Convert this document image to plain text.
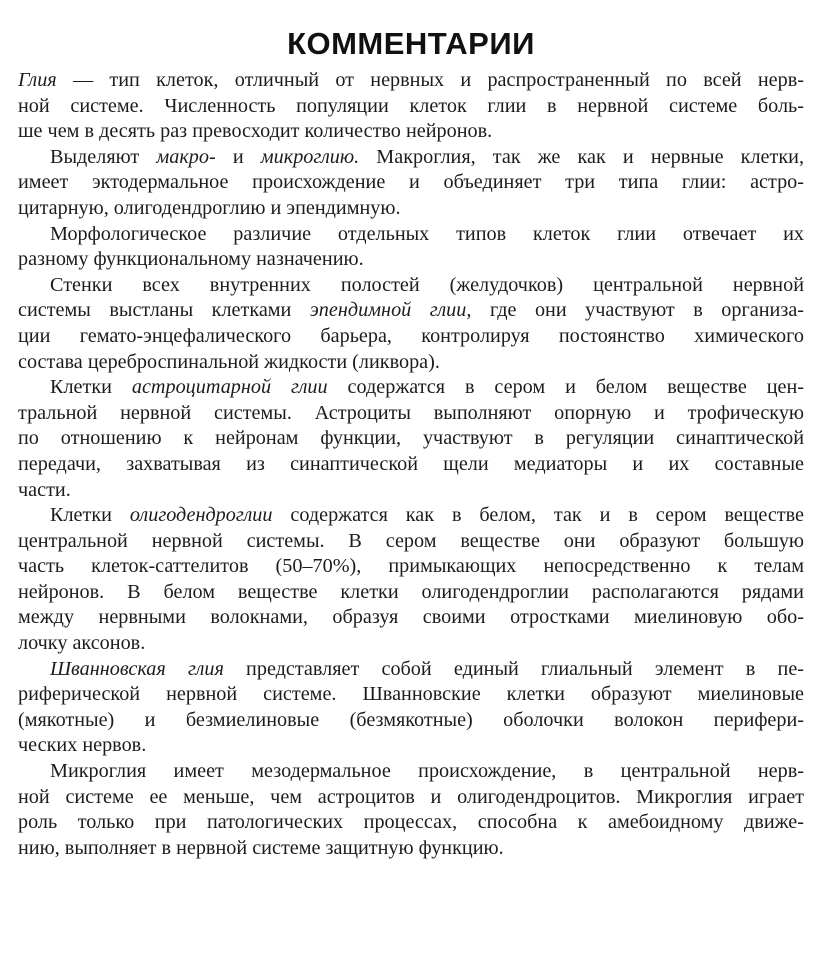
КОММЕНТАРИИ
Глия — тип клеток, отличный от нервных и распространенный по всей нерв-
ной системе. Численность популяции клеток глии в нервной системе боль-
ше чем в десять раз превосходит количество нейронов.
Выделяют макро- и микроглию. Макроглия, так же как и нервные клетки,
имеет эктодермальное происхождение и объединяет три типа глии: астро-
цитарную, олигодендроглию и эпендимную.
Морфологическое различие отдельных типов клеток глии отвечает их
разному функциональному назначению.
Стенки всех внутренних полостей (желудочков) центральной нервной
системы выстланы клетками эпендимной глии, где они участвуют в организа-
ции гемато-энцефалического барьера, контролируя постоянство химического
состава цереброспинальной жидкости (ликвора).
Клетки астроцитарной глии содержатся в сером и белом веществе цен-
тральной нервной системы. Астроциты выполняют опорную и трофическую
по отношению к нейронам функции, участвуют в регуляции синаптической
передачи, захватывая из синаптической щели медиаторы и их составные
части.
Клетки олигодендроглии содержатся как в белом, так и в сером веществе
центральной нервной системы. В сером веществе они образуют большую
часть клеток-саттелитов (50–70%), примыкающих непосредственно к телам
нейронов. В белом веществе клетки олигодендроглии располагаются рядами
между нервными волокнами, образуя своими отростками миелиновую обо-
лочку аксонов.
Шванновская глия представляет собой единый глиальный элемент в пе-
риферической нервной системе. Шванновские клетки образуют миелиновые
(мякотные) и безмиелиновые (безмякотные) оболочки волокон перифери-
ческих нервов.
Микроглия имеет мезодермальное происхождение, в центральной нерв-
ной системе ее меньше, чем астроцитов и олигодендроцитов. Микроглия играет
роль только при патологических процессах, способна к амебоидному движе-
нию, выполняет в нервной системе защитную функцию.
